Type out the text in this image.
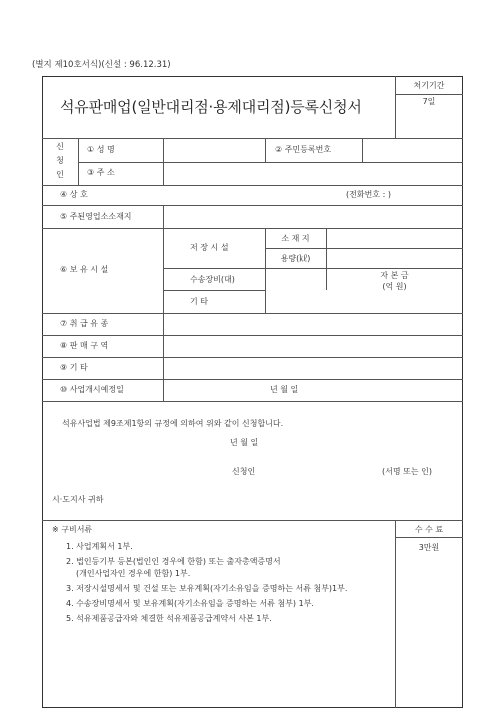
(별지 제10호서식)(신설 : 96.12.31)
석유판매업(일반대리점·용제대리점)등록신청서
처기기간
7일
신
청
인
① 성 명	② 주민등록번호
③ 주 소
④ 상 호	(전화번호 : )
⑤ 주된영업소소재지
⑥ 보 유 시 설
저 장 시 설
소 재 지
용량(㎘)
수송장비(대)	자 본 금
(억 원)
기 타
⑦ 취 급 유 종
⑧ 판 매 구 역
⑨ 기 타
⑩ 사업개시예정일	년 월 일
석유사업법 제9조제1항의 규정에 의하여 위와 같이 신청합니다.
년 월 일
신청인	(서명 또는 인)
시·도지사 귀하
※ 구비서류	수 수 료
3만원
1. 사업계획서 1부.
2. 법인등기부 등본(법인인 경우에 한함) 또는 출자총액증명서
(개인사업자인 경우에 한함) 1부.
3. 저장시설명세서 및 건설 또는 보유계획(자기소유임을 증명하는 서류 첨부)1부.
4. 수송장비명세서 및 보유계획(자기소유임을 증명하는 서류 첨부) 1부.
5. 석유제품공급자와 체결한 석유제품공급계약서 사본 1부.
